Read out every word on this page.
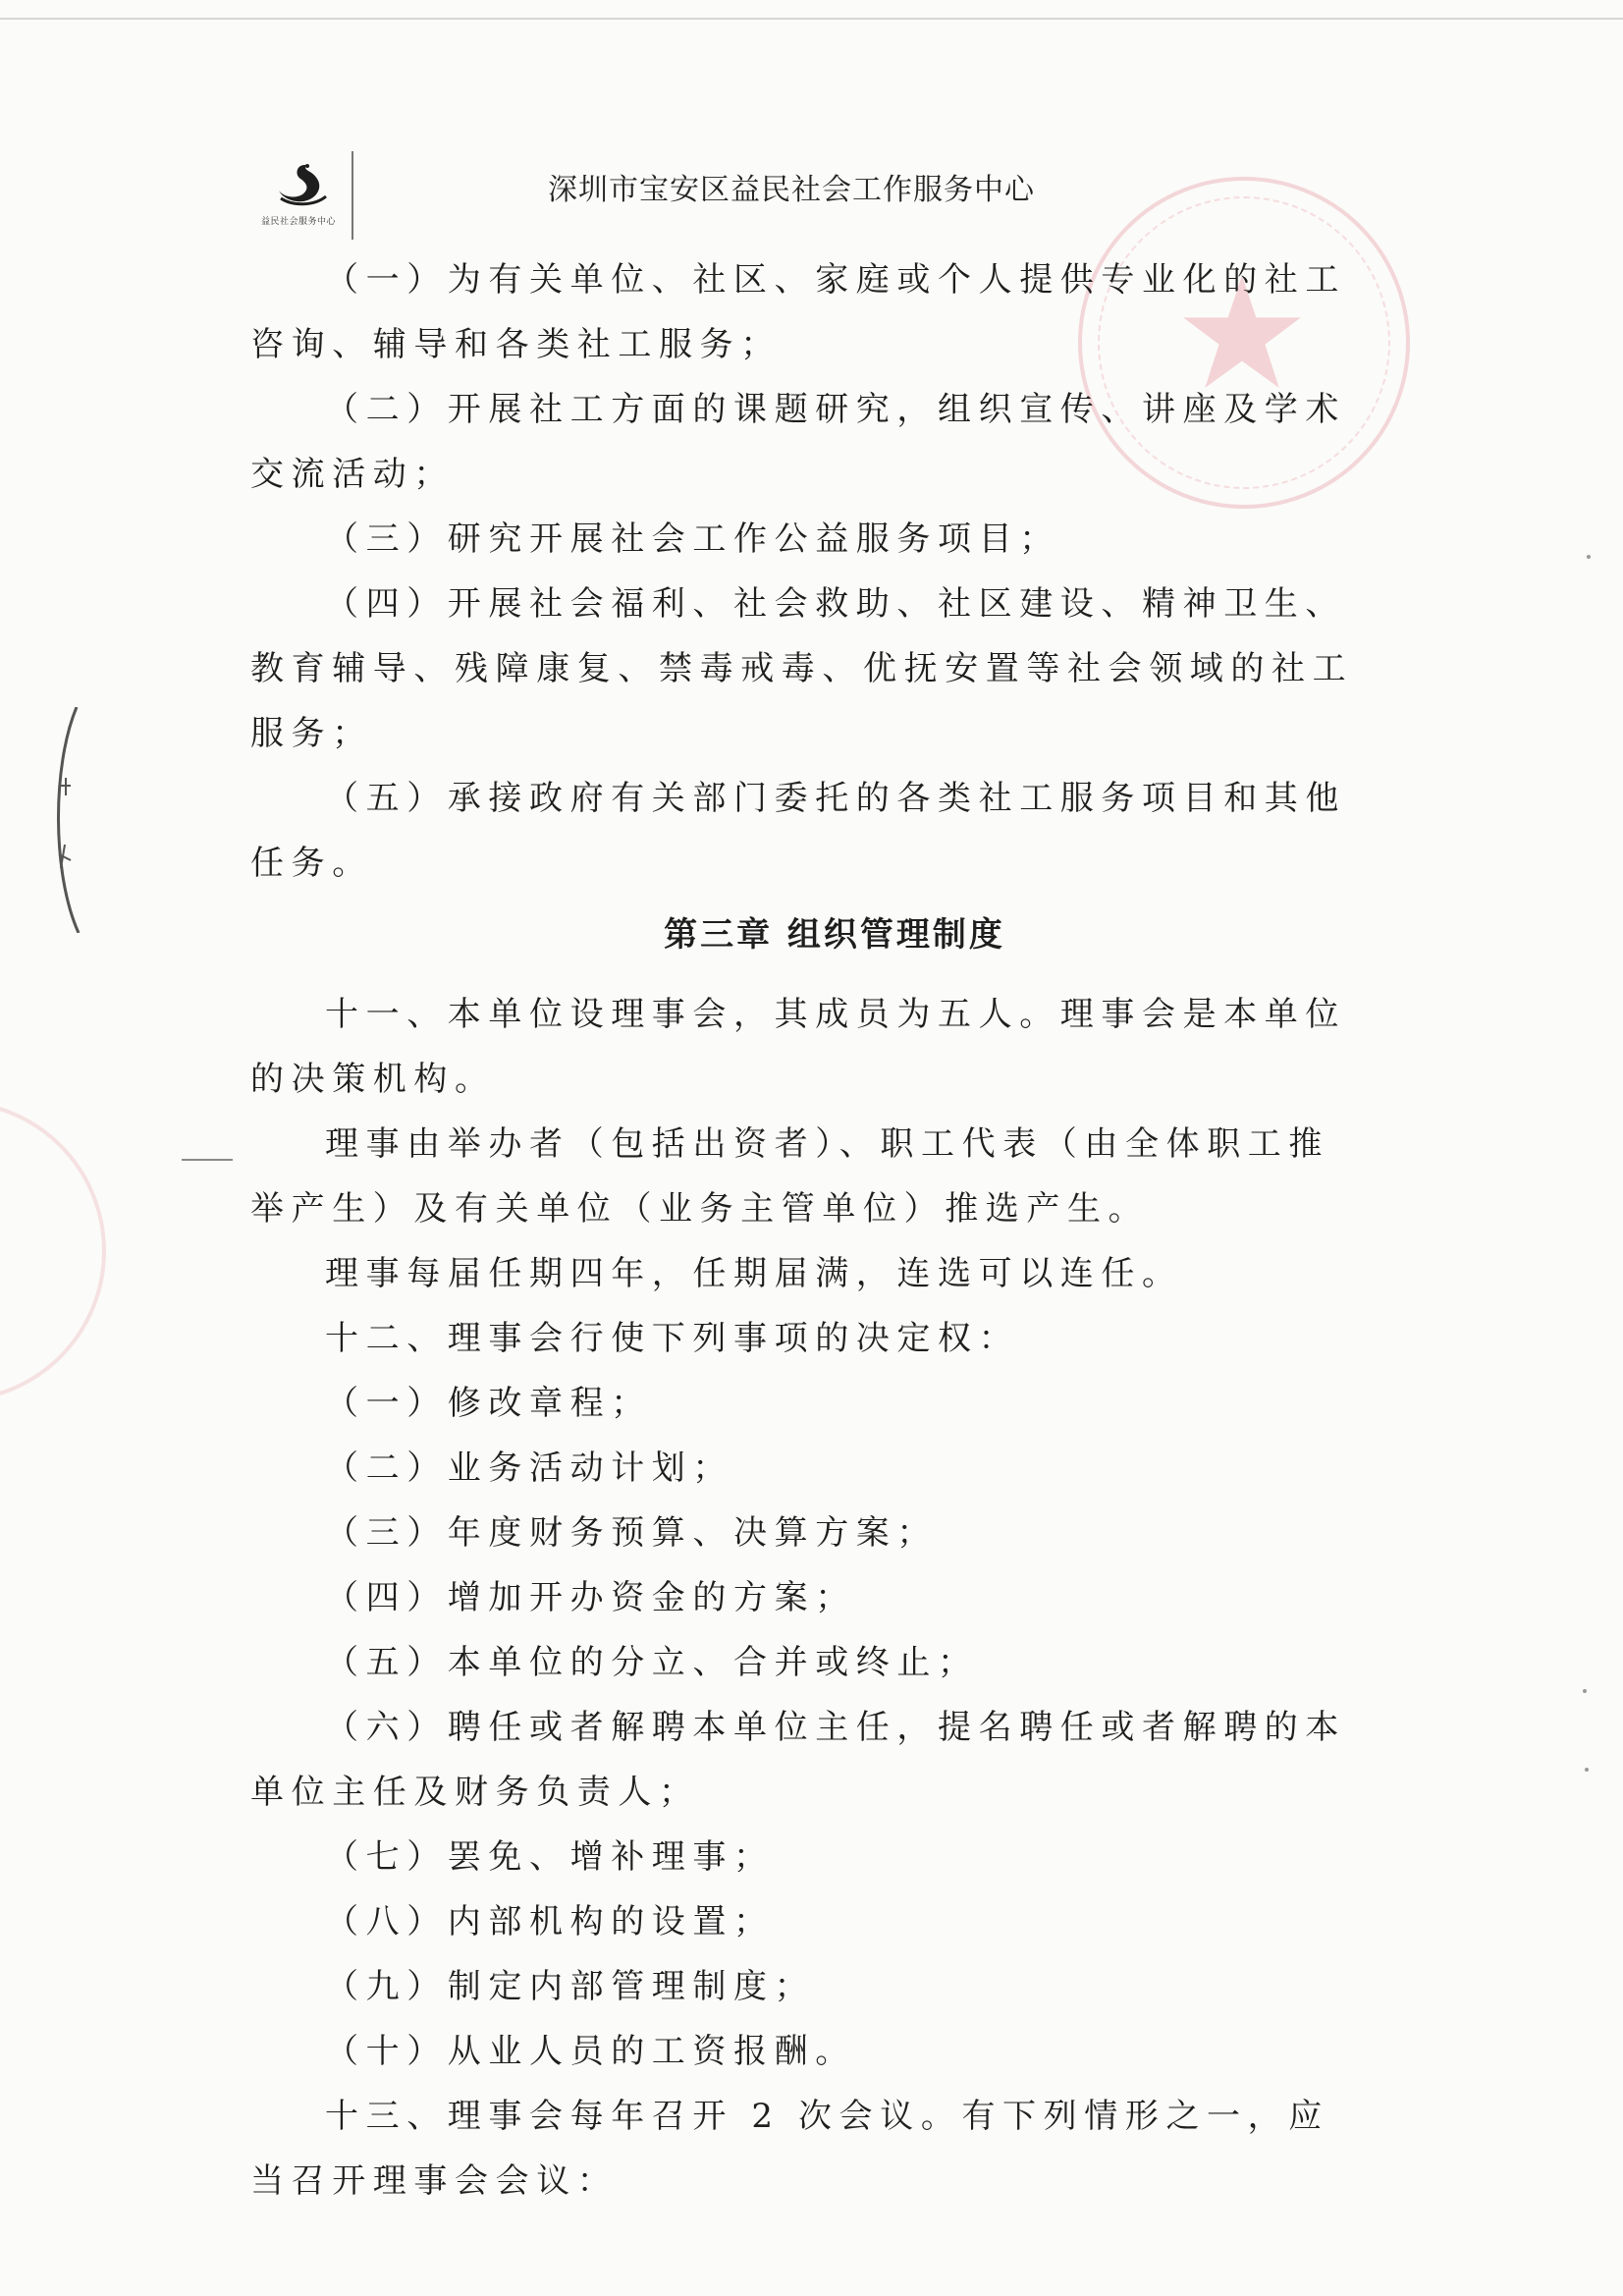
益民社会服务中心
深圳市宝安区益民社会工作服务中心

（一）为有关单位、社区、家庭或个人提供专业化的社工咨询、辅导和各类社工服务；

（二）开展社工方面的课题研究，组织宣传、讲座及学术交流活动；

（三）研究开展社会工作公益服务项目；

（四）开展社会福利、社会救助、社区建设、精神卫生、教育辅导、残障康复、禁毒戒毒、优抚安置等社会领域的社工服务；

（五）承接政府有关部门委托的各类社工服务项目和其他任务。

第三章 组织管理制度

十一、本单位设理事会，其成员为五人。理事会是本单位的决策机构。

理事由举办者（包括出资者）、职工代表（由全体职工推举产生）及有关单位（业务主管单位）推选产生。

理事每届任期四年，任期届满，连选可以连任。

十二、理事会行使下列事项的决定权：

（一）修改章程；

（二）业务活动计划；

（三）年度财务预算、决算方案；

（四）增加开办资金的方案；

（五）本单位的分立、合并或终止；

（六）聘任或者解聘本单位主任，提名聘任或者解聘的本单位主任及财务负责人；

（七）罢免、增补理事；

（八）内部机构的设置；

（九）制定内部管理制度；

（十）从业人员的工资报酬。

十三、理事会每年召开 2 次会议。有下列情形之一，应当召开理事会会议：
